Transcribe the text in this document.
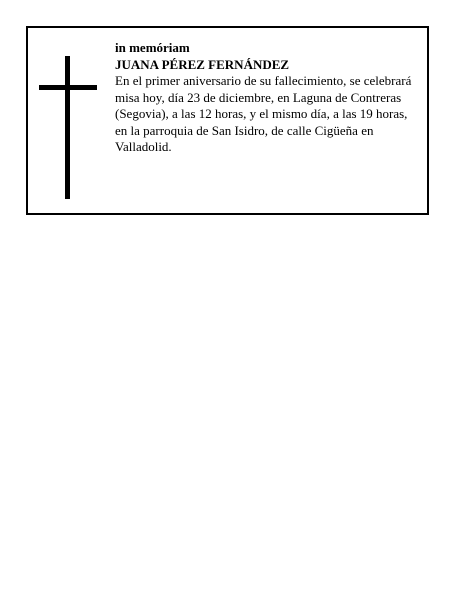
in memóriam

JUANA PÉREZ FERNÁNDEZ

En el primer aniversario de su fallecimiento, se celebrará misa hoy, día 23 de diciembre, en Laguna de Contreras (Segovia), a las 12 horas, y el mismo día, a las 19 horas, en la parroquia de San Isidro, de calle Cigüeña en Valladolid.
